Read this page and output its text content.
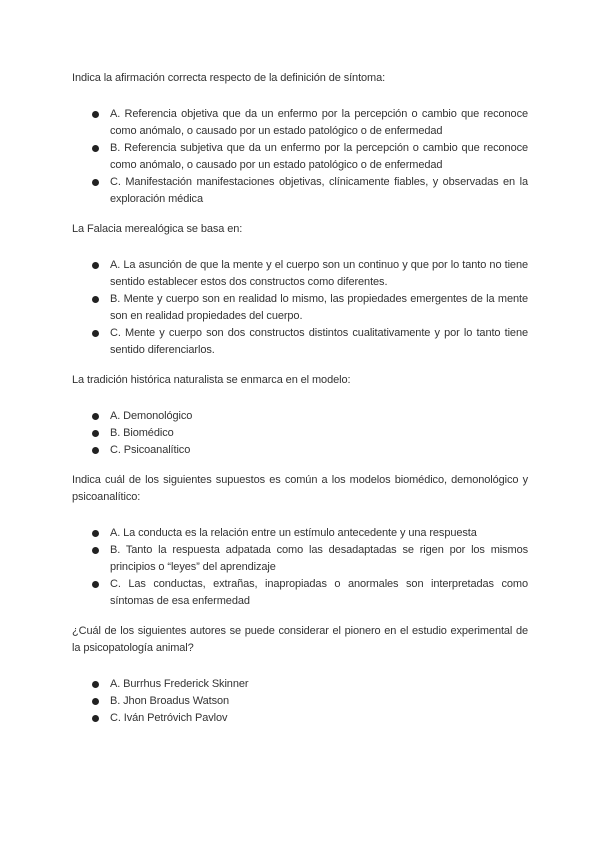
Indica la afirmación correcta respecto de la definición de síntoma:

A. Referencia objetiva que da un enfermo por la percepción o cambio que reconoce como anómalo, o causado por un estado patológico o de enfermedad
B. Referencia subjetiva que da un enfermo por la percepción o cambio que reconoce como anómalo, o causado por un estado patológico o de enfermedad
C. Manifestación manifestaciones objetivas, clínicamente fiables, y observadas en la exploración médica

La Falacia merealógica se basa en:

A. La asunción de que la mente y el cuerpo son un continuo y que por lo tanto no tiene sentido establecer estos dos constructos como diferentes.
B. Mente y cuerpo son en realidad lo mismo, las propiedades emergentes de la mente son en realidad propiedades del cuerpo.
C. Mente y cuerpo son dos constructos distintos cualitativamente y por lo tanto tiene sentido diferenciarlos.

La tradición histórica naturalista se enmarca en el modelo:

A. Demonológico
B. Biomédico
C. Psicoanalítico

Indica cuál de los siguientes supuestos es común a los modelos biomédico, demonológico y psicoanalítico:

A. La conducta es la relación entre un estímulo antecedente y una respuesta
B. Tanto la respuesta adpatada como las desadaptadas se rigen por los mismos principios o “leyes” del aprendizaje
C. Las conductas, extrañas, inapropiadas o anormales son interpretadas como síntomas de esa enfermedad

¿Cuál de los siguientes autores se puede considerar el pionero en el estudio experimental de la psicopatología animal?

A. Burrhus Frederick Skinner
B. Jhon Broadus Watson
C. Iván Petróvich Pavlov
